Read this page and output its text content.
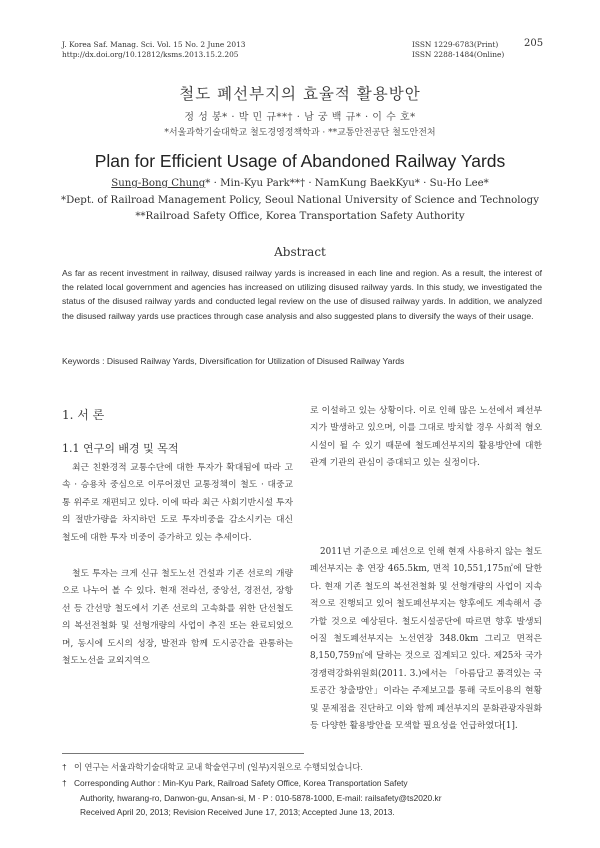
J. Korea Saf. Manag. Sci. Vol. 15 No. 2 June 2013
http://dx.doi.org/10.12812/ksms.2013.15.2.205
ISSN 1229-6783(Print)
ISSN 2288-1484(Online)
205
철도 폐선부지의 효율적 활용방안
정 성 봉* · 박 민 규**† · 남 궁 백 규* · 이 수 호*
*서울과학기술대학교 철도경영정책학과 · **교통안전공단 철도안전처
Plan for Efficient Usage of Abandoned Railway Yards
Sung-Bong Chung* · Min-Kyu Park**† · NamKung BaekKyu* · Su-Ho Lee*
*Dept. of Railroad Management Policy, Seoul National University of Science and Technology
**Railroad Safety Office, Korea Transportation Safety Authority
Abstract

As far as recent investment in railway, disused railway yards is increased in each line and region. As a result, the interest of the related local government and agencies has increased on utilizing disused railway yards. In this study, we investigated the status of the disused railway yards and conducted legal review on the use of disused railway yards. In addition, we analyzed the disused railway yards use practices through case analysis and also suggested plans to diversify the ways of their usage.

Keywords : Disused Railway Yards, Diversification for Utilization of Disused Railway Yards
1. 서 론
1.1 연구의 배경 및 목적

최근 친환경적 교통수단에 대한 투자가 확대됨에 따라 고속 · 승용차 중심으로 이루어졌던 교통정책이 철도 · 대중교통 위주로 재편되고 있다. 이에 따라 최근 사회기반시설 투자의 절반가량을 차지하던 도로 투자비중을 감소시키는 대신 철도에 대한 투자 비중이 증가하고 있는 추세이다.

철도 투자는 크게 신규 철도노선 건설과 기존 선로의 개량으로 나누어 볼 수 있다. 현재 전라선, 중앙선, 경전선, 장항선 등 간선망 철도에서 기존 선로의 고속화를 위한 단선철도의 복선전철화 및 선형개량의 사업이 추진 또는 완료되었으며, 동시에 도시의 성장, 발전과 함께 도시공간을 관통하는 철도노선을 교외지역으

로 이설하고 있는 상황이다. 이로 인해 많은 노선에서 폐선부지가 발생하고 있으며, 이를 그대로 방치할 경우 사회적 혐오시설이 될 수 있기 때문에 철도폐선부지의 활용방안에 대한 관계 기관의 관심이 증대되고 있는 실정이다.

2011년 기준으로 폐선으로 인해 현재 사용하지 않는 철도폐선부지는 총 연장 465.5km, 면적 10,551,175㎡에 달한다. 현재 기존 철도의 복선전철화 및 선형개량의 사업이 지속적으로 진행되고 있어 철도폐선부지는 향후에도 계속해서 증가할 것으로 예상된다. 철도시설공단에 따르면 향후 발생되어질 철도폐선부지는 노선연장 348.0km 그리고 면적은 8,150,759㎡에 달하는 것으로 집계되고 있다. 제25차 국가경쟁력강화위원회(2011. 3.)에서는 「아름답고 품격있는 국토공간 창출방안」이라는 주제보고를 통해 국토이용의 현황 및 문제점을 진단하고 이와 함께 폐선부지의 문화관광자원화 등 다양한 활용방안을 모색할 필요성을 언급하였다[1].

† 이 연구는 서울과학기술대학교 교내 학술연구비 (일부)지원으로 수행되었습니다.
† Corresponding Author : Min-Kyu Park, Railroad Safety Office, Korea Transportation Safety
Authority, hwarang-ro, Danwon-gu, Ansan-si, M · P : 010-5878-1000, E-mail: railsafety@ts2020.kr
Received April 20, 2013; Revision Received June 17, 2013; Accepted June 13, 2013.
